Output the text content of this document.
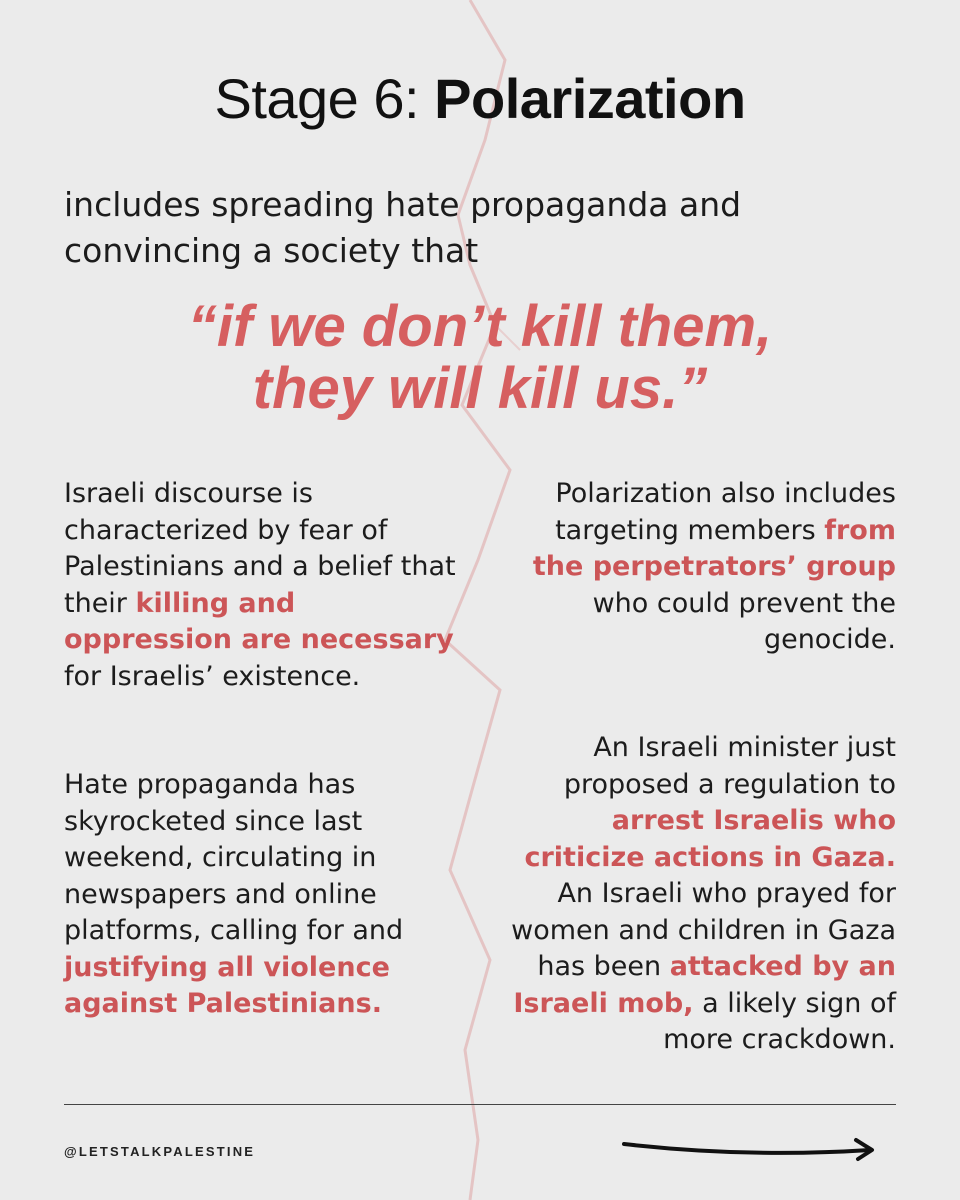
Stage 6: Polarization
includes spreading hate propaganda and
convincing a society that
“if we don’t kill them,
they will kill us.”

Israeli discourse is characterized by fear of Palestinians and a belief that their killing and oppression are necessary for Israelis’ existence.

Hate propaganda has skyrocketed since last weekend, circulating in newspapers and online platforms, calling for and justifying all violence against Palestinians.

Polarization also includes targeting members from the perpetrators’ group who could prevent the genocide.

An Israeli minister just proposed a regulation to arrest Israelis who criticize actions in Gaza. An Israeli who prayed for women and children in Gaza has been attacked by an Israeli mob, a likely sign of more crackdown.

@LETSTALKPALESTINE
